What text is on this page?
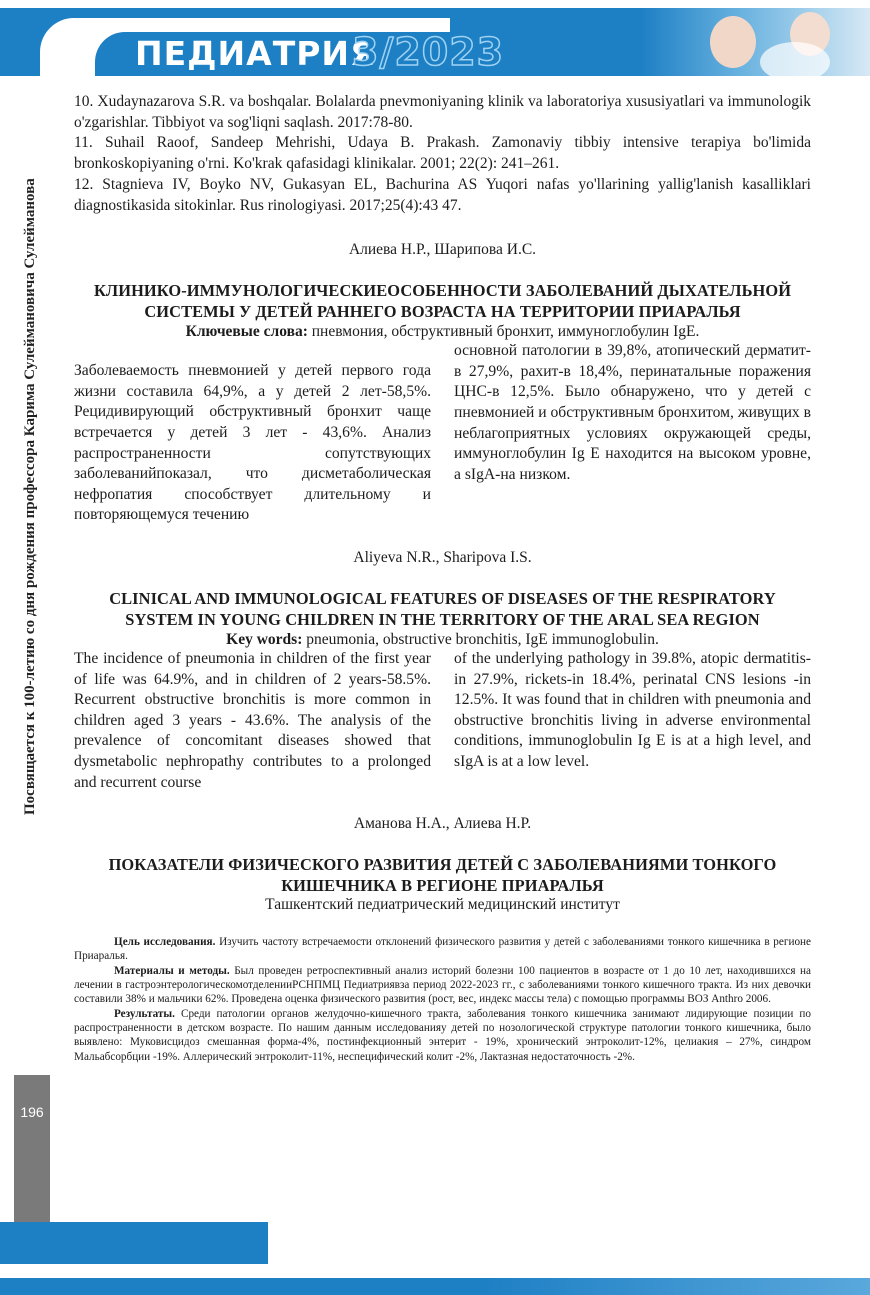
ПЕДИАТРИЯ
3/2023
Посвящается к 100-летию со дня рождения профессора Карима Сулеймановича Сулейманова
196

10. Xudaynazarova S.R. va boshqalar. Bolalarda pnevmoniyaning klinik va laboratoriya xususiyatlari va immunologik o'zgarishlar. Tibbiyot va sog'liqni saqlash. 2017:78-80.

11. Suhail Raoof, Sandeep Mehrishi, Udaya B. Prakash. Zamonaviy tibbiy intensive terapiya bo'limida bronkoskopiyaning o'rni. Ko'krak qafasidagi klinikalar. 2001; 22(2): 241–261.

12. Stagnieva IV, Boyko NV, Gukasyan EL, Bachurina AS Yuqori nafas yo'llarining yallig'lanish kasalliklari diagnostikasida sitokinlar. Rus rinologiyasi. 2017;25(4):43 47.

Алиева Н.Р., Шарипова И.С.

КЛИНИКО-ИММУНОЛОГИЧЕСКИЕОСОБЕННОСТИ ЗАБОЛЕВАНИЙ ДЫХАТЕЛЬНОЙ СИСТЕМЫ У ДЕТЕЙ РАННЕГО ВОЗРАСТА НА ТЕРРИТОРИИ ПРИАРАЛЬЯ

Ключевые слова: пневмония, обструктивный бронхит, иммуноглобулин IgE.

Заболеваемость пневмонией у детей первого года жизни составила 64,9%, а у детей 2 лет-58,5%. Рецидивирующий обструктивный бронхит чаще встречается у детей 3 лет - 43,6%. Анализ распространенности сопутствующих заболеванийпоказал, что дисметаболическая нефропатия способствует длительному и повторяющемуся течению

основной патологии в 39,8%, атопический дерматит-в 27,9%, рахит-в 18,4%, перинатальные поражения ЦНС-в 12,5%. Было обнаружено, что у детей с пневмонией и обструктивным бронхитом, живущих в неблагоприятных условиях окружающей среды, иммуноглобулин Ig E находится на высоком уровне, а sIgA-на низком.

Aliyeva N.R., Sharipova I.S.

CLINICAL AND IMMUNOLOGICAL FEATURES OF DISEASES OF THE RESPIRATORY SYSTEM IN YOUNG CHILDREN IN THE TERRITORY OF THE ARAL SEA REGION

Key words: pneumonia, obstructive bronchitis, IgE immunoglobulin.

The incidence of pneumonia in children of the first year of life was 64.9%, and in children of 2 years-58.5%. Recurrent obstructive bronchitis is more common in children aged 3 years - 43.6%. The analysis of the prevalence of concomitant diseases showed that dysmetabolic nephropathy contributes to a prolonged and recurrent course

of the underlying pathology in 39.8%, atopic dermatitis-in 27.9%, rickets-in 18.4%, perinatal CNS lesions -in 12.5%. It was found that in children with pneumonia and obstructive bronchitis living in adverse environmental conditions, immunoglobulin Ig E is at a high level, and sIgA is at a low level.

Аманова Н.А., Алиева Н.Р.

ПОКАЗАТЕЛИ ФИЗИЧЕСКОГО РАЗВИТИЯ ДЕТЕЙ С ЗАБОЛЕВАНИЯМИ ТОНКОГО КИШЕЧНИКА В РЕГИОНЕ ПРИАРАЛЬЯ

Ташкентский педиатрический медицинский институт

Цель исследования. Изучить частоту встречаемости отклонений физического развития у детей с заболеваниями тонкого кишечника в регионе Приаралья.

Материалы и методы. Был проведен ретроспективный анализ историй болезни 100 пациентов в возрасте от 1 до 10 лет, находившихся на лечении в гастроэнтерологическомотделенииРСНПМЦ Педиатриявза период 2022-2023 гг., с заболеваниями тонкого кишечного тракта. Из них девочки составили 38% и мальчики 62%. Проведена оценка физического развития (рост, вес, индекс массы тела) с помощью программы ВОЗ Anthro 2006.

Результаты. Среди патологии органов желудочно-кишечного тракта, заболевания тонкого кишечника занимают лидирующие позиции по распространенности в детском возрасте. По нашим данным исследованияу детей по нозологической структуре патологии тонкого кишечника, было выявлено: Муковисцидоз смешанная форма-4%, постинфекционный энтерит - 19%, хронический энтроколит-12%, целиакия – 27%, синдром Мальабсорбции -19%. Аллерический энтроколит-11%, неспецифический колит -2%, Лактазная недостаточность -2%.
